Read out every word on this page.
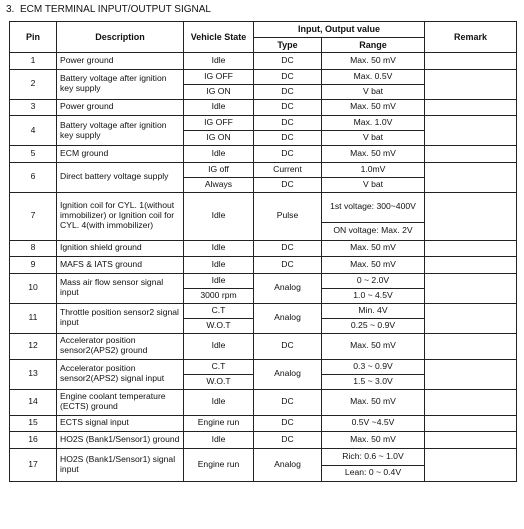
3. ECM TERMINAL INPUT/OUTPUT SIGNAL
Pin	Description	Vehicle State	Input, Output value		Remark
			Type	Range	
1	Power ground	Idle	DC	Max. 50 mV	
2	Battery voltage after ignition key supply	IG OFF	DC	Max. 0.5V	
		IG ON	DC	V bat	
3	Power ground	Idle	DC	Max. 50 mV	
4	Battery voltage after ignition key supply	IG OFF	DC	Max. 1.0V	
		IG ON	DC	V bat	
5	ECM ground	Idle	DC	Max. 50 mV	
6	Direct battery voltage supply	IG off	Current	1.0mV	
		Always	DC	V bat	
7	Ignition coil for CYL. 1(without immobilizer) or Ignition coil for CYL. 4(with immobilizer)	Idle	Pulse	1st voltage: 300~400V	
				ON voltage: Max. 2V	
8	Ignition shield ground	Idle	DC	Max. 50 mV	
9	MAFS & IATS ground	Idle	DC	Max. 50 mV	
10	Mass air flow sensor signal input	Idle	Analog	0 ~ 2.0V	
		3000 rpm		1.0 ~ 4.5V	
11	Throttle position sensor2 signal input	C.T	Analog	Min. 4V	
		W.O.T		0.25 ~ 0.9V	
12	Accelerator position sensor2(APS2) ground	Idle	DC	Max. 50 mV	
13	Accelerator position sensor2(APS2) signal input	C.T	Analog	0.3 ~ 0.9V	
		W.O.T		1.5 ~ 3.0V	
14	Engine coolant temperature (ECTS) ground	Idle	DC	Max. 50 mV	
15	ECTS signal input	Engine run	DC	0.5V ~4.5V	
16	HO2S (Bank1/Sensor1) ground	Idle	DC	Max. 50 mV	
17	HO2S (Bank1/Sensor1) signal input	Engine run	Analog	Rich: 0.6 ~ 1.0V	
				Lean: 0 ~ 0.4V	
